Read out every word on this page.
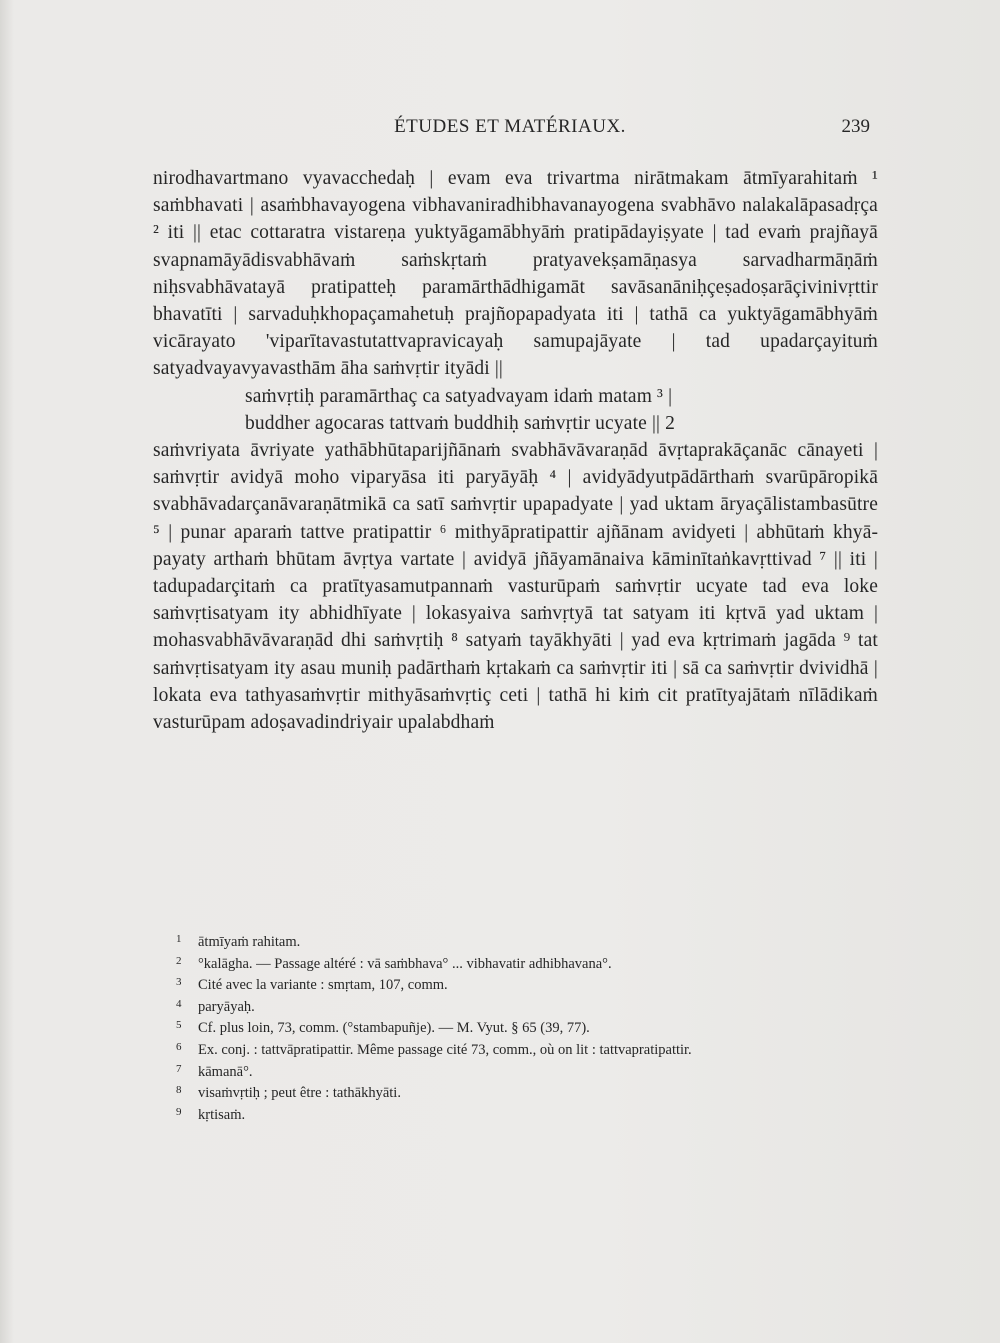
ÉTUDES ET MATÉRIAUX.	239

nirodhavartmano vyavacchedaḥ | evam eva trivartma nirātmakam ātmīyarahitaṁ ¹ saṁbhavati | asaṁbhavayogena vibhavaniradhibhavanayogena svabhāvo nalakalāpasadṛça ² iti || etac cottaratra vistareṇa yuktyāgamābhyāṁ pratipādayiṣyate | tad evaṁ prajñayā svapnamāyādisvabhāvaṁ saṁskṛtaṁ pratyavekṣamāṇasya sarvadharmāṇāṁ niḥsvabhāvatayā pratipatteḥ paramārthādhigamāt savāsanāniḥçeṣadoṣarāçivinivṛttir bhavatīti | sarvaduḥkhopaçamahetuḥ prajñopapadyata iti | tathā ca yuktyāgamābhyāṁ vicārayato 'viparītavastutattvapravicayaḥ samupajāyate | tad upadarçayituṁ satyadvayavyavasthām āha saṁvṛtir ityādi ||

saṁvṛtiḥ paramārthaç ca satyadvayam idaṁ matam ³ |

buddher agocaras tattvaṁ buddhiḥ saṁvṛtir ucyate || 2

saṁvriyata āvriyate yathābhūtaparijñānaṁ svabhāvāvaraṇād āvṛtaprakāçanāc cānayeti | saṁvṛtir avidyā moho viparyāsa iti paryāyāḥ ⁴ | avidyādyutpādārthaṁ svarūpāropikā svabhāvadarçanāvaraṇātmikā ca satī saṁvṛtir upapadyate | yad uktam āryaçālistambasūtre ⁵ | punar aparaṁ tattve pratipattir ⁶ mithyāpratipattir ajñānam avidyeti | abhūtaṁ khyāpayaty arthaṁ bhūtam āvṛtya vartate | avidyā jñāyamānaiva kāminītaṅkavṛttivad ⁷ || iti | tadupadarçitaṁ ca pratītyasamutpannaṁ vasturūpaṁ saṁvṛtir ucyate tad eva loke saṁvṛtisatyam ity abhidhīyate | lokasyaiva saṁvṛtyā tat satyam iti kṛtvā yad uktam | mohasvabhāvāvaraṇād dhi saṁvṛtiḥ ⁸ satyaṁ tayākhyāti | yad eva kṛtrimaṁ jagāda ⁹ tat saṁvṛtisatyam ity asau muniḥ padārthaṁ kṛtakaṁ ca saṁvṛtir iti | sā ca saṁvṛtir dvividhā | lokata eva tathyasaṁvṛtir mithyāsaṁvṛtiç ceti | tathā hi kiṁ cit pratītyajātaṁ nīlādikaṁ vasturūpam adoṣavadindriyair upalabdhaṁ

1	ātmīyaṁ rahitam.

2	°kalāgha. — Passage altéré : vā saṁbhava° ... vibhavatir adhibhavana°.

3	Cité avec la variante : smṛtam, 107, comm.

4	paryāyaḥ.

5	Cf. plus loin, 73, comm. (°stambapuñje). — M. Vyut. § 65 (39, 77).

6	Ex. conj. : tattvāpratipattir. Même passage cité 73, comm., où on lit : tattvapratipattir.

7	kāmanā°.

8	visaṁvṛtiḥ ; peut être : tathākhyāti.

9	kṛtisaṁ.
